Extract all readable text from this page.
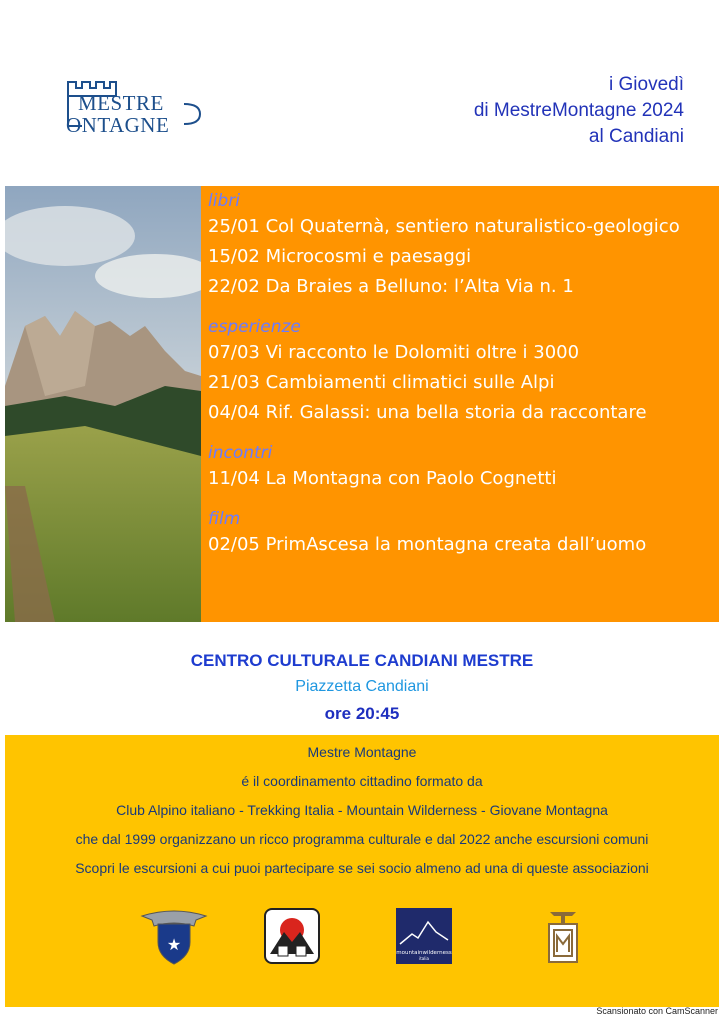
MESTRE
ONTAGNE
i Giovedì
di MestreMontagne 2024
al Candiani
libri
25/01 Col Quaternà, sentiero naturalistico-geologico
15/02 Microcosmi e paesaggi
22/02 Da Braies a Belluno: l’Alta Via n. 1
esperienze
07/03 Vi racconto le Dolomiti oltre i 3000
21/03 Cambiamenti climatici sulle Alpi
04/04 Rif. Galassi: una bella storia da raccontare
incontri
11/04 La Montagna con Paolo Cognetti
film
02/05 PrimAscesa la montagna creata dall’uomo
CENTRO CULTURALE CANDIANI MESTRE
Piazzetta Candiani
ore 20:45
Mestre Montagne
é il coordinamento cittadino formato da
Club Alpino italiano - Trekking Italia - Mountain Wilderness - Giovane Montagna
che dal 1999 organizzano un ricco programma culturale e dal 2022 anche escursioni comuni
Scopri le escursioni a cui puoi partecipare se sei socio almeno ad una di queste associazioni
★	mountainwilderness
italia
Scansionato con CamScanner
